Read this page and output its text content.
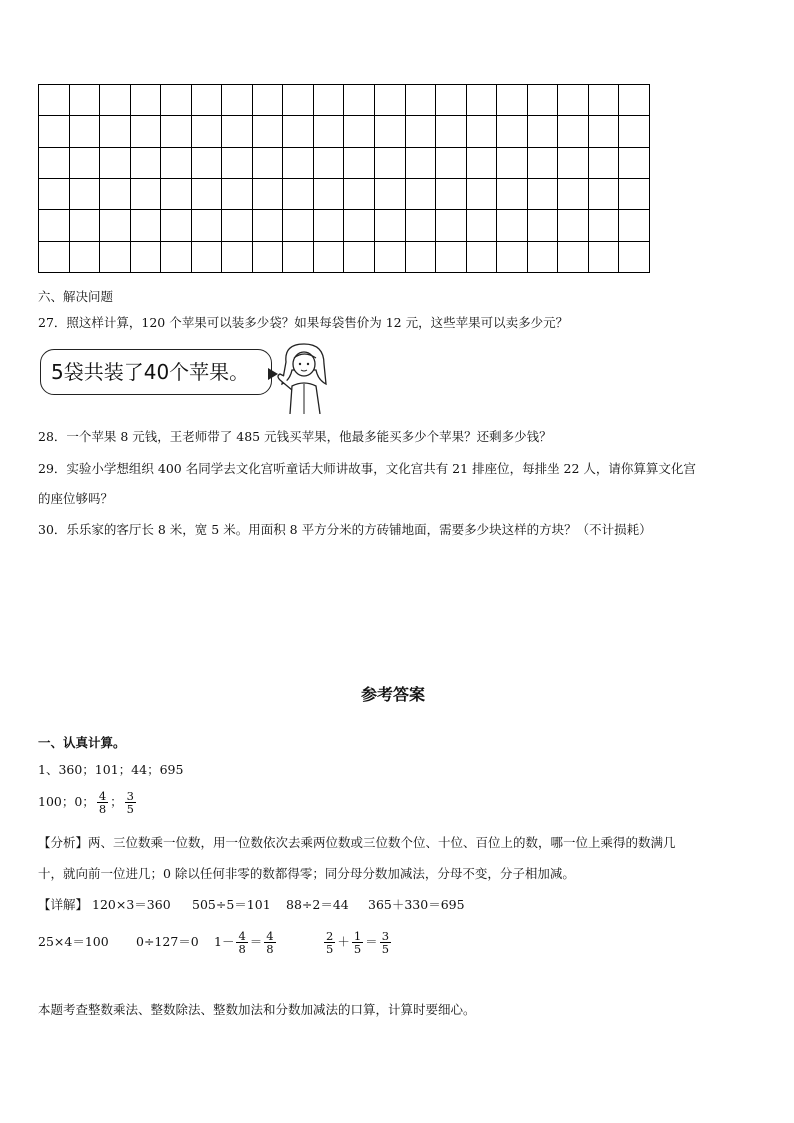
六、解决问题
27．照这样计算，120 个苹果可以装多少袋？如果每袋售价为 12 元，这些苹果可以卖多少元？
5袋共装了40个苹果。
28．一个苹果 8 元钱，王老师带了 485 元钱买苹果，他最多能买多少个苹果？还剩多少钱？
29．实验小学想组织 400 名同学去文化宫听童话大师讲故事，文化宫共有 21 排座位，每排坐 22 人，请你算算文化宫
的座位够吗？
30．乐乐家的客厅长 8 米，宽 5 米。用面积 8 平方分米的方砖铺地面，需要多少块这样的方块？（不计损耗）
参考答案
一、认真计算。
1、360；101；44；695
100；0； $\frac{4}{8}$ ； $\frac{3}{5}$
【分析】两、三位数乘一位数，用一位数依次去乘两位数或三位数个位、十位、百位上的数，哪一位上乘得的数满几
十，就向前一位进几；0 除以任何非零的数都得零；同分母分数加减法，分母不变，分子相加减。
【详解】 120×3＝360 505÷5＝101 88÷2＝44 365＋330＝695
25×4＝100 0÷127＝0 $1- \frac{4}{8} = \frac{4}{8}$	$\frac{2}{5} + \frac{1}{5} = \frac{3}{5}$
本题考查整数乘法、整数除法、整数加法和分数加减法的口算，计算时要细心。
